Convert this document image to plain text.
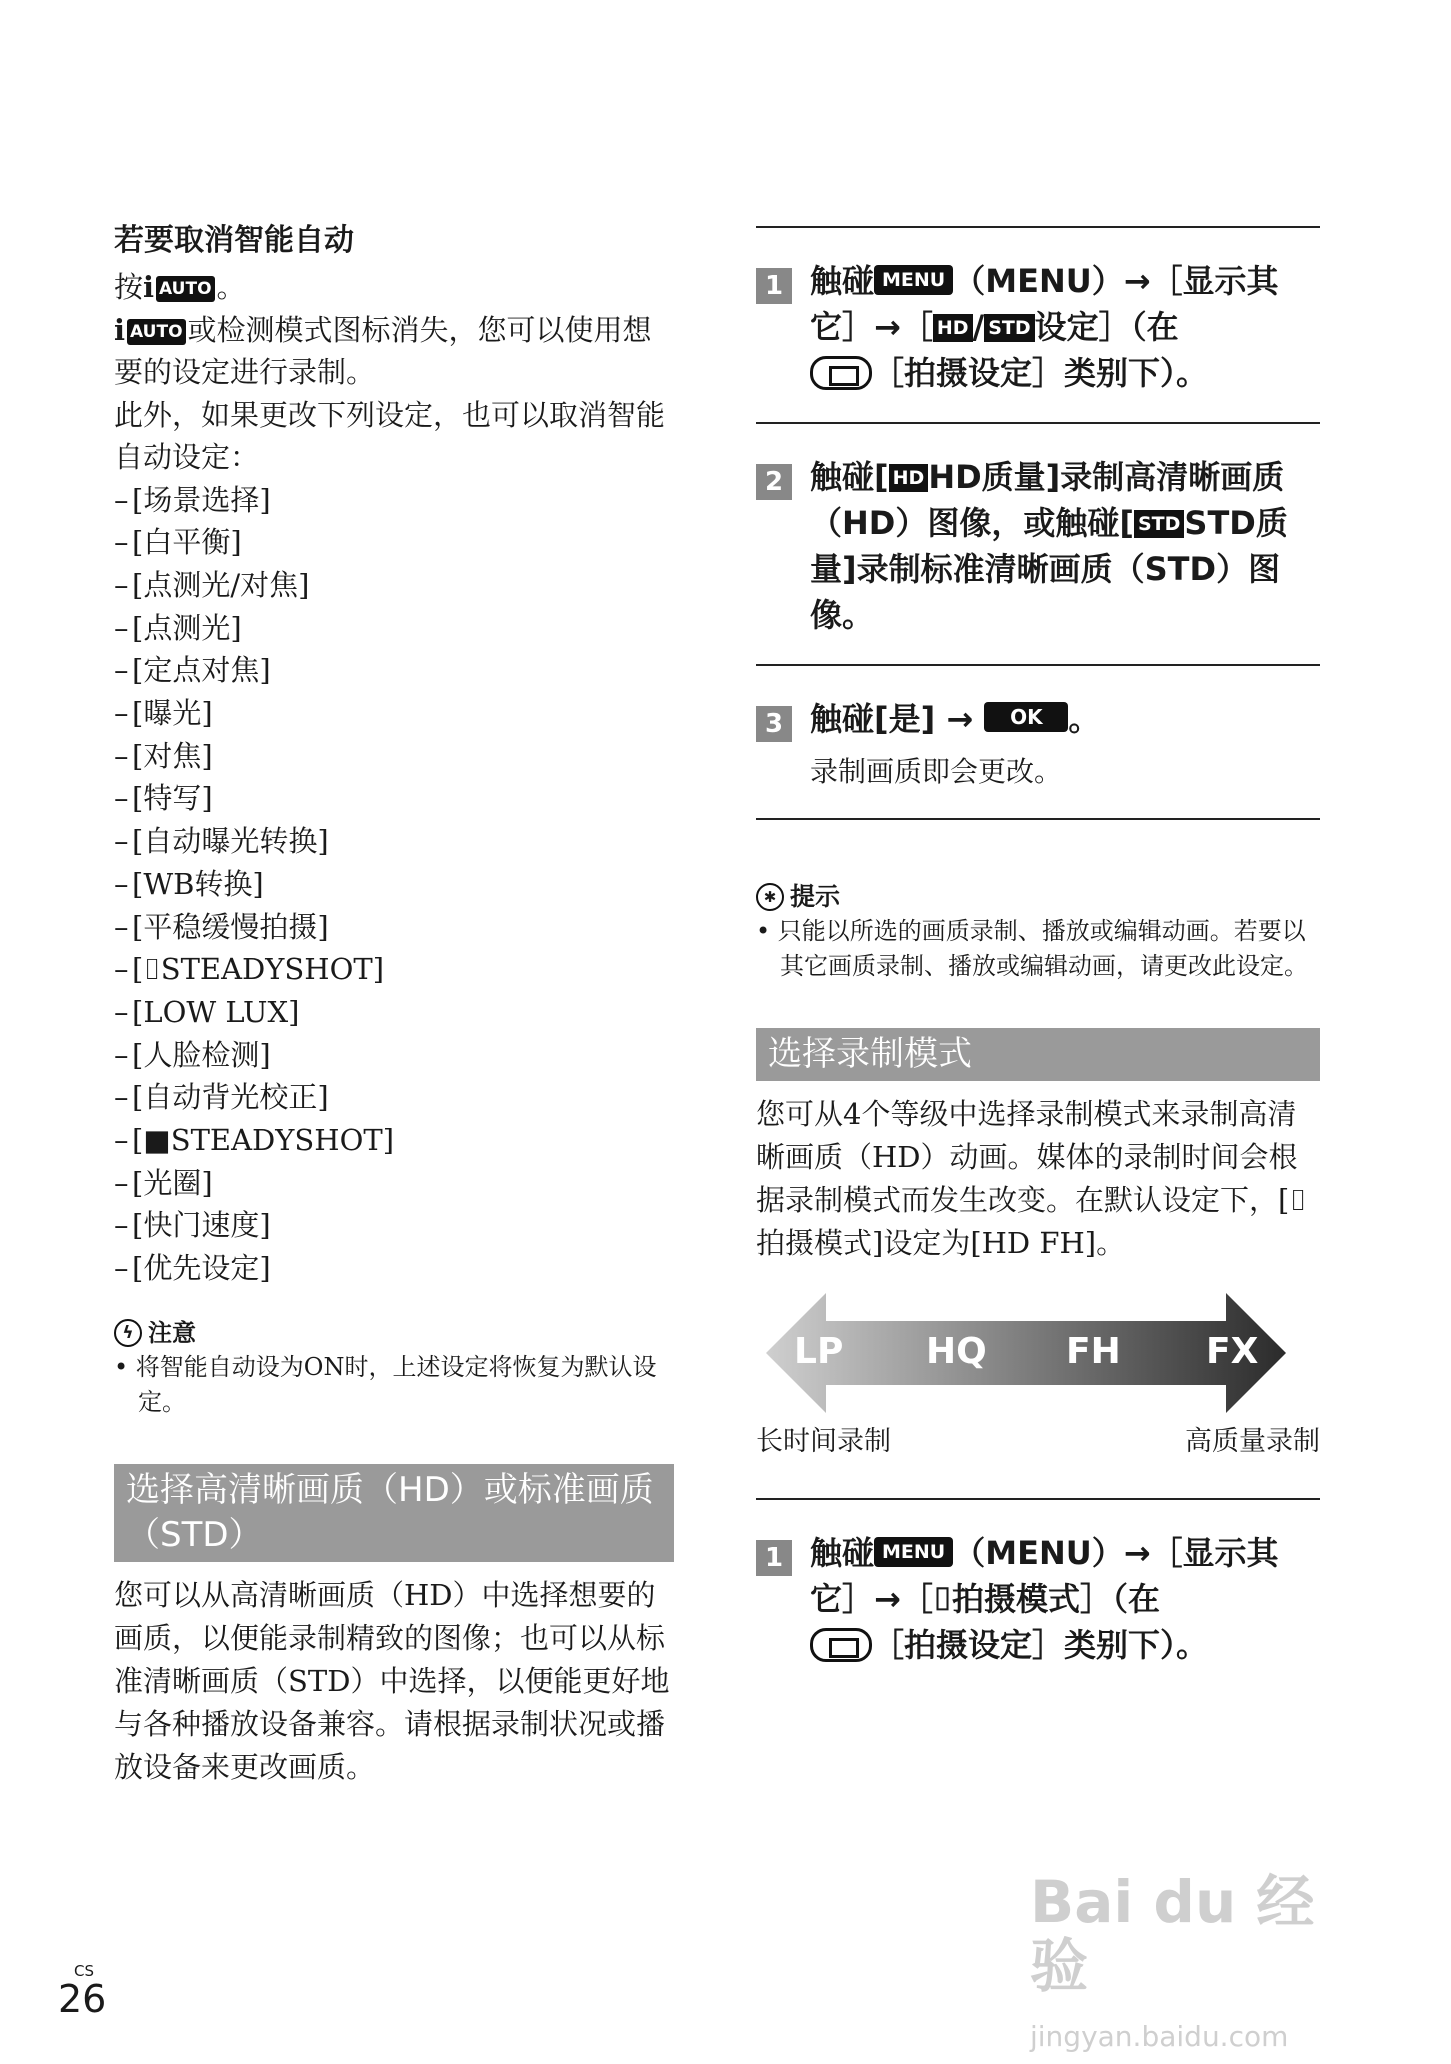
若要取消智能自动
按i AUTO 。
i AUTO 或检测模式图标消失，您可以使用想要的设定进行录制。
此外，如果更改下列设定，也可以取消智能自动设定：
– [场景选择]
– [白平衡]
– [点测光/对焦]
– [点测光]
– [定点对焦]
– [曝光]
– [对焦]
– [特写]
– [自动曝光转换]
– [WB转换]
– [平稳缓慢拍摄]
– [⌷STEADYSHOT]
– [LOW LUX]
– [人脸检测]
– [自动背光校正]
– [■STEADYSHOT]
– [光圈]
– [快门速度]
– [优先设定]
ϟ 注意
• 将智能自动设为ON时，上述设定将恢复为默认设定。
选择高清晰画质（HD）或标准画质（STD）
您可以从高清晰画质（HD）中选择想要的画质，以便能录制精致的图像；也可以从标准清晰画质（STD）中选择，以便能更好地与各种播放设备兼容。请根据录制状况或播放设备来更改画质。
1 触碰 MENU （MENU）→［显示其它］→［ HD / STD 设定］（在
［拍摄设定］类别下）。
2 触碰[ HD HD质量]录制高清晰画质（HD）图像，或触碰[ STD STD质量]录制标准清晰画质（STD）图像。
3 触碰[是] → OK 。
录制画质即会更改。
✱ 提示
• 只能以所选的画质录制、播放或编辑动画。若要以其它画质录制、播放或编辑动画，请更改此设定。
选择录制模式
您可从4个等级中选择录制模式来录制高清晰画质（HD）动画。媒体的录制时间会根据录制模式而发生改变。在默认设定下，[⌷拍摄模式]设定为[HD FH]。
LP HQ FH FX
长时间录制	高质量录制
1 触碰 MENU （MENU）→［显示其它］→［⌷拍摄模式］（在
［拍摄设定］类别下）。
CS
26
Bai du 经验
jingyan.baidu.com
